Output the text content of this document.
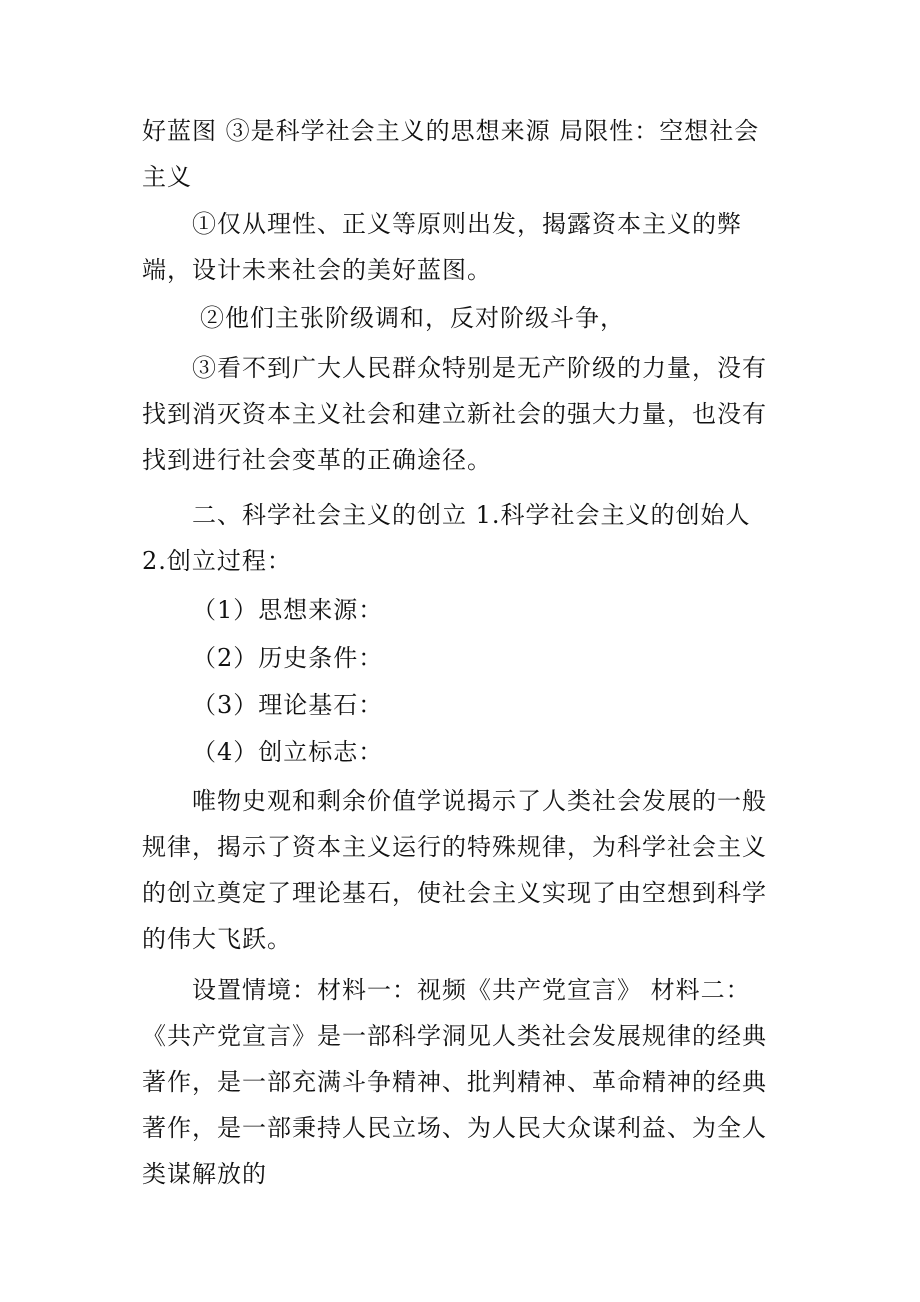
好蓝图 ③是科学社会主义的思想来源 局限性：空想社会主义

①仅从理性、正义等原则出发，揭露资本主义的弊端，设计未来社会的美好蓝图。

②他们主张阶级调和，反对阶级斗争，

③看不到广大人民群众特别是无产阶级的力量，没有找到消灭资本主义社会和建立新社会的强大力量，也没有找到进行社会变革的正确途径。

二、科学社会主义的创立 1.科学社会主义的创始人 2.创立过程：

（1）思想来源：

（2）历史条件：

（3）理论基石：

（4）创立标志：

唯物史观和剩余价值学说揭示了人类社会发展的一般规律，揭示了资本主义运行的特殊规律，为科学社会主义的创立奠定了理论基石，使社会主义实现了由空想到科学的伟大飞跃。

设置情境：材料一：视频《共产党宣言》 材料二：《共产党宣言》是一部科学洞见人类社会发展规律的经典著作，是一部充满斗争精神、批判精神、革命精神的经典著作，是一部秉持人民立场、为人民大众谋利益、为全人类谋解放的
